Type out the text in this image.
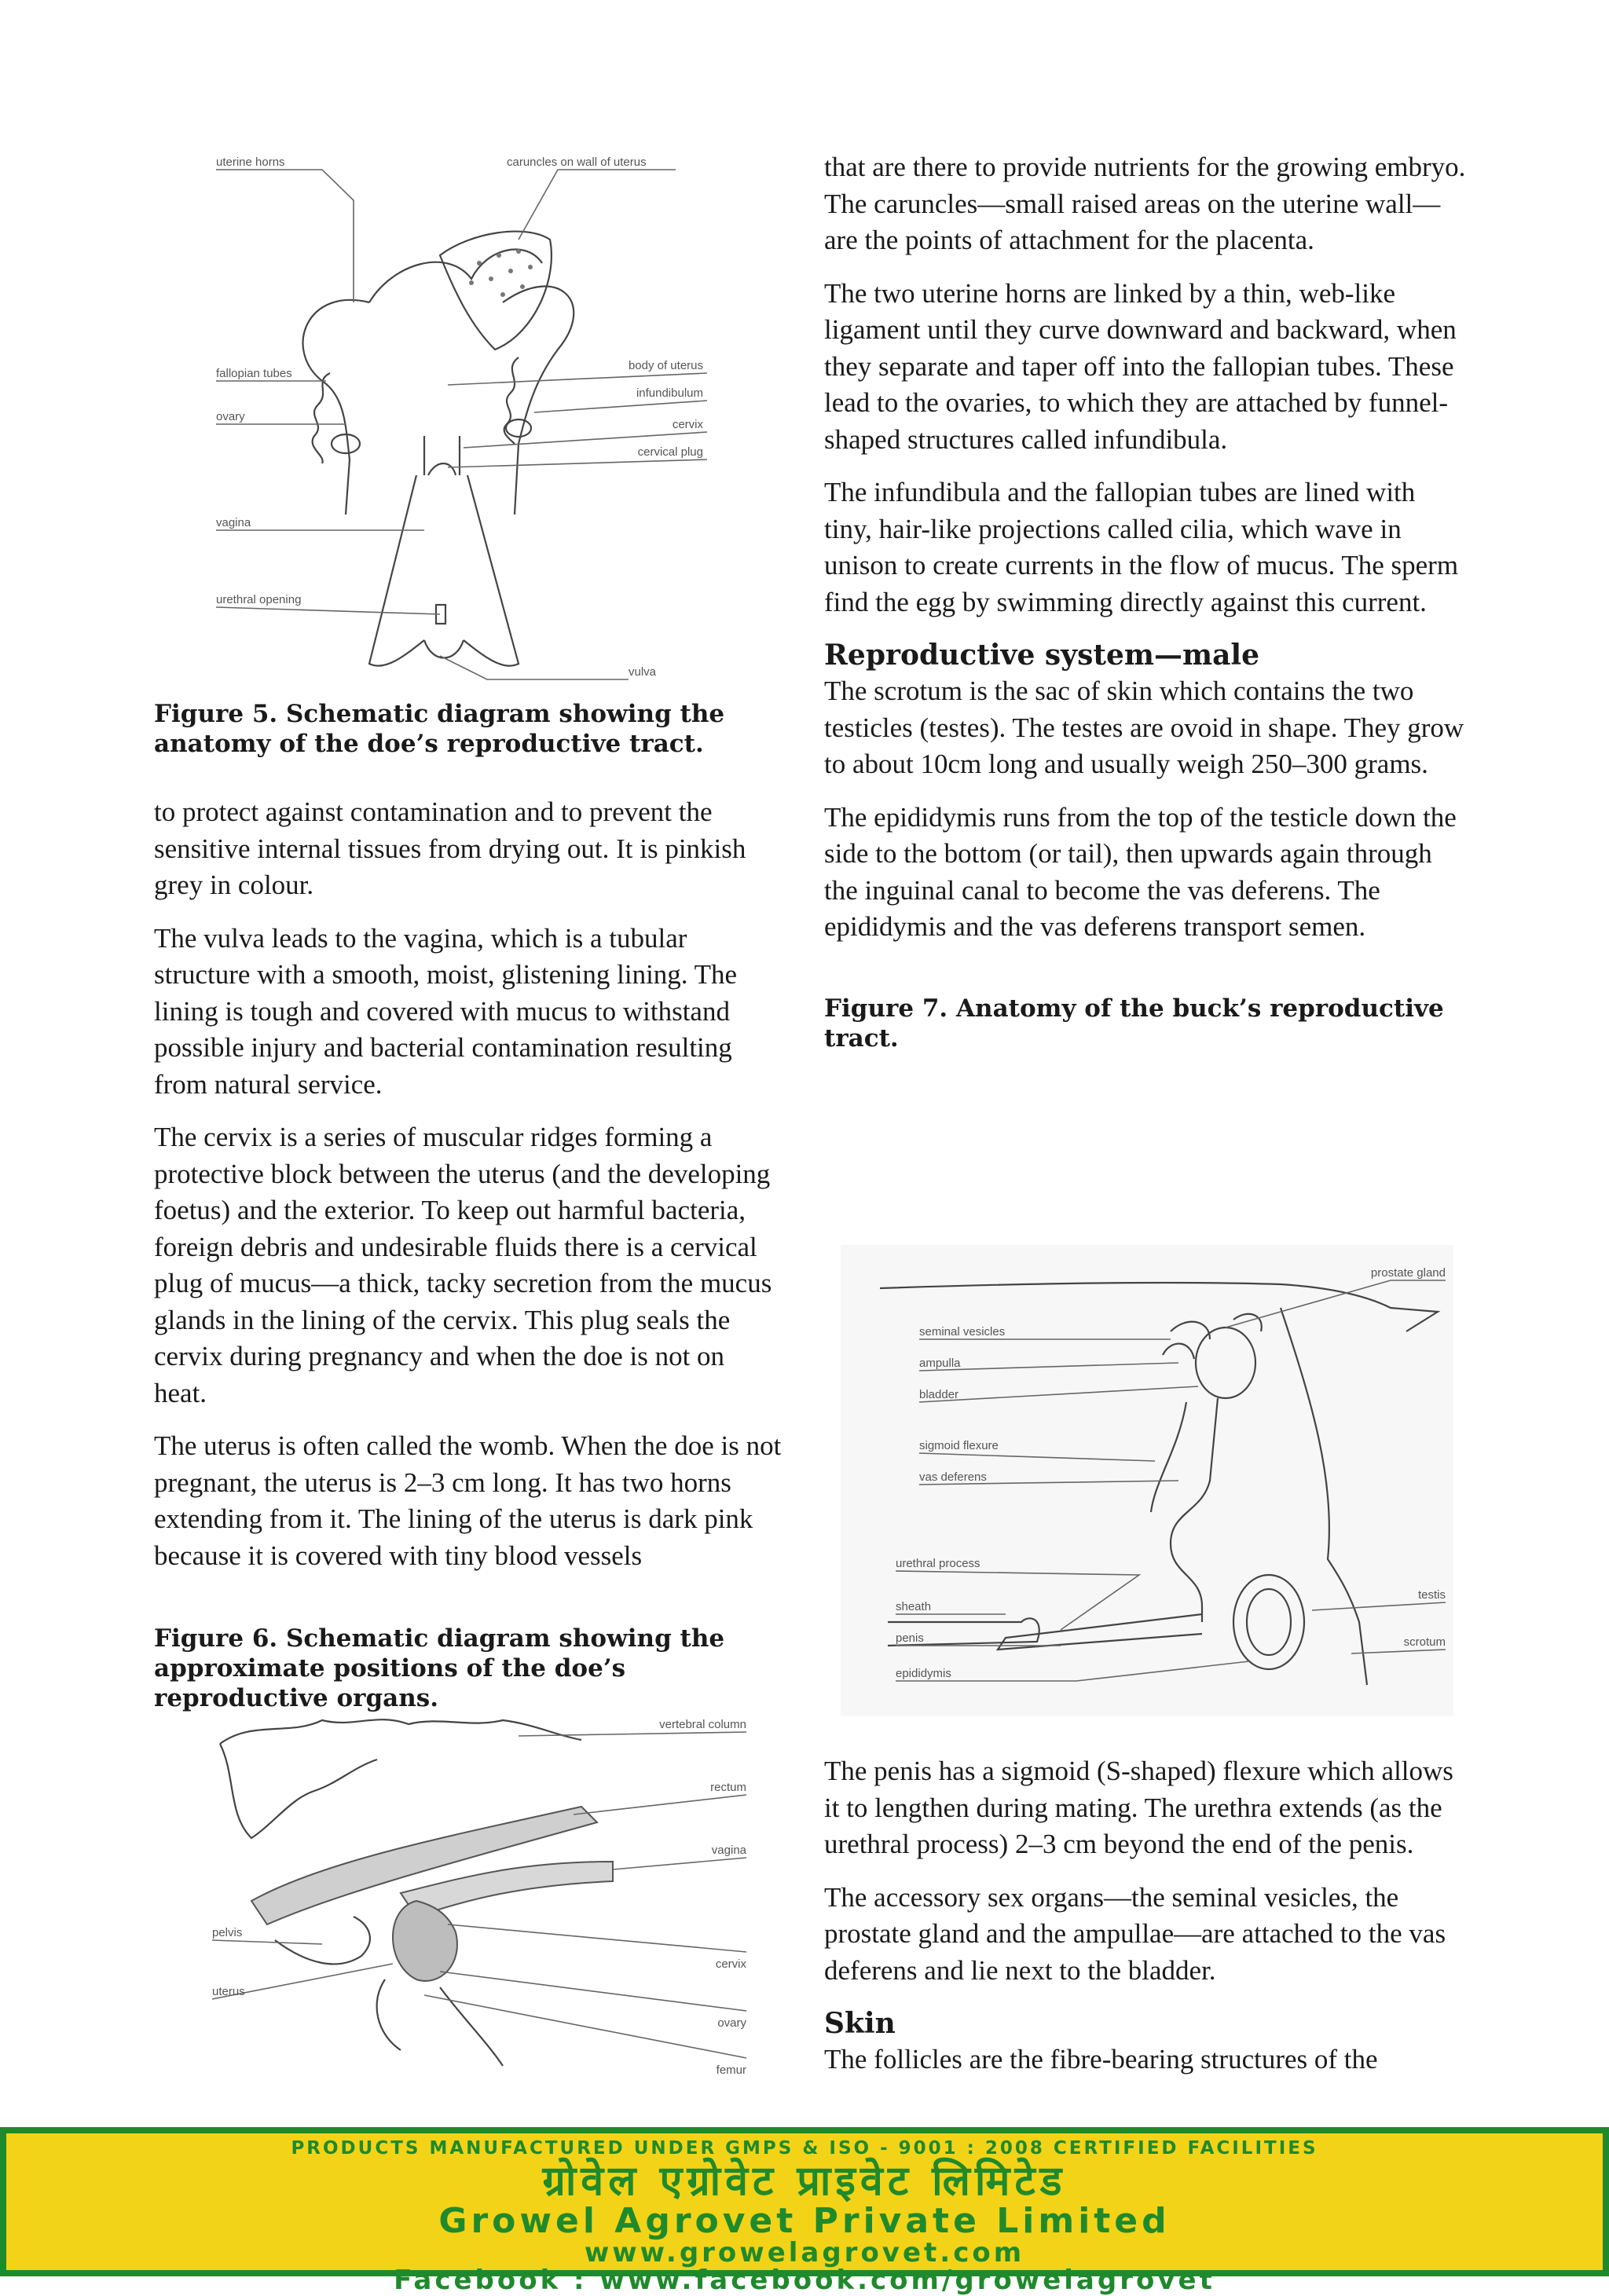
uterine horns	caruncles on wall of uterus
fallopian tubes
ovary
body of uterus
infundibulum
cervix
cervical plug
vagina
urethral opening
vulva

Figure 5. Schematic diagram showing the anatomy of the doe’s reproductive tract.

to protect against contamination and to prevent the sensitive internal tissues from drying out. It is pinkish grey in colour.

The vulva leads to the vagina, which is a tubular structure with a smooth, moist, glistening lining. The lining is tough and covered with mucus to withstand possible injury and bacterial contamination resulting from natural service.

The cervix is a series of muscular ridges forming a protective block between the uterus (and the developing foetus) and the exterior. To keep out harmful bacteria, foreign debris and undesirable fluids there is a cervical plug of mucus—a thick, tacky secretion from the mucus glands in the lining of the cervix. This plug seals the cervix during pregnancy and when the doe is not on heat.

The uterus is often called the womb. When the doe is not pregnant, the uterus is 2–3 cm long. It has two horns extending from it. The lining of the uterus is dark pink because it is covered with tiny blood vessels

Figure 6. Schematic diagram showing the approximate positions of the doe’s reproductive organs.

vertebral column
rectum
vagina
pelvis
cervix
uterus
ovary
femur

that are there to provide nutrients for the growing embryo. The caruncles—small raised areas on the uterine wall—are the points of attachment for the placenta.

The two uterine horns are linked by a thin, web-like ligament until they curve downward and backward, when they separate and taper off into the fallopian tubes. These lead to the ovaries, to which they are attached by funnel-shaped structures called infundibula.

The infundibula and the fallopian tubes are lined with tiny, hair-like projections called cilia, which wave in unison to create currents in the flow of mucus. The sperm find the egg by swimming directly against this current.

Reproductive system—male

The scrotum is the sac of skin which contains the two testicles (testes). The testes are ovoid in shape. They grow to about 10cm long and usually weigh 250–300 grams.

The epididymis runs from the top of the testicle down the side to the bottom (or tail), then upwards again through the inguinal canal to become the vas deferens. The epididymis and the vas deferens transport semen.

Figure 7. Anatomy of the buck’s reproductive tract.

prostate gland
seminal vesicles
ampulla
bladder
sigmoid flexure
vas deferens
urethral process
sheath
penis
epididymis
testis
scrotum

The penis has a sigmoid (S-shaped) flexure which allows it to lengthen during mating. The urethra extends (as the urethral process) 2–3 cm beyond the end of the penis.

The accessory sex organs—the seminal vesicles, the prostate gland and the ampullae—are attached to the vas deferens and lie next to the bladder.

Skin

The follicles are the fibre-bearing structures of the

PRODUCTS MANUFACTURED UNDER GMPS & ISO - 9001 : 2008 CERTIFIED FACILITIES
ग्रोवेल एग्रोवेट प्राइवेट लिमिटेड
Growel Agrovet Private Limited
www.growelagrovet.com
Facebook : www.facebook.com/growelagrovet
